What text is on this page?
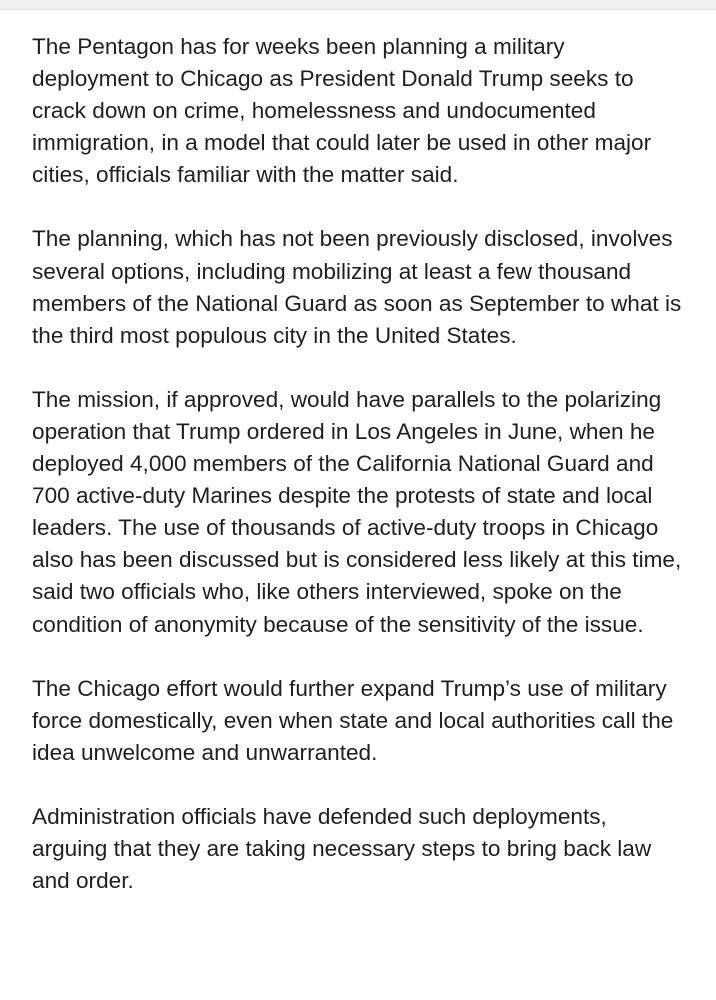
The Pentagon has for weeks been planning a military deployment to Chicago as President Donald Trump seeks to crack down on crime, homelessness and undocumented immigration, in a model that could later be used in other major cities, officials familiar with the matter said.

The planning, which has not been previously disclosed, involves several options, including mobilizing at least a few thousand members of the National Guard as soon as September to what is the third most populous city in the United States.

The mission, if approved, would have parallels to the polarizing operation that Trump ordered in Los Angeles in June, when he deployed 4,000 members of the California National Guard and 700 active-duty Marines despite the protests of state and local leaders. The use of thousands of active-duty troops in Chicago also has been discussed but is considered less likely at this time, said two officials who, like others interviewed, spoke on the condition of anonymity because of the sensitivity of the issue.

The Chicago effort would further expand Trump’s use of military force domestically, even when state and local authorities call the idea unwelcome and unwarranted.

Administration officials have defended such deployments, arguing that they are taking necessary steps to bring back law and order.
